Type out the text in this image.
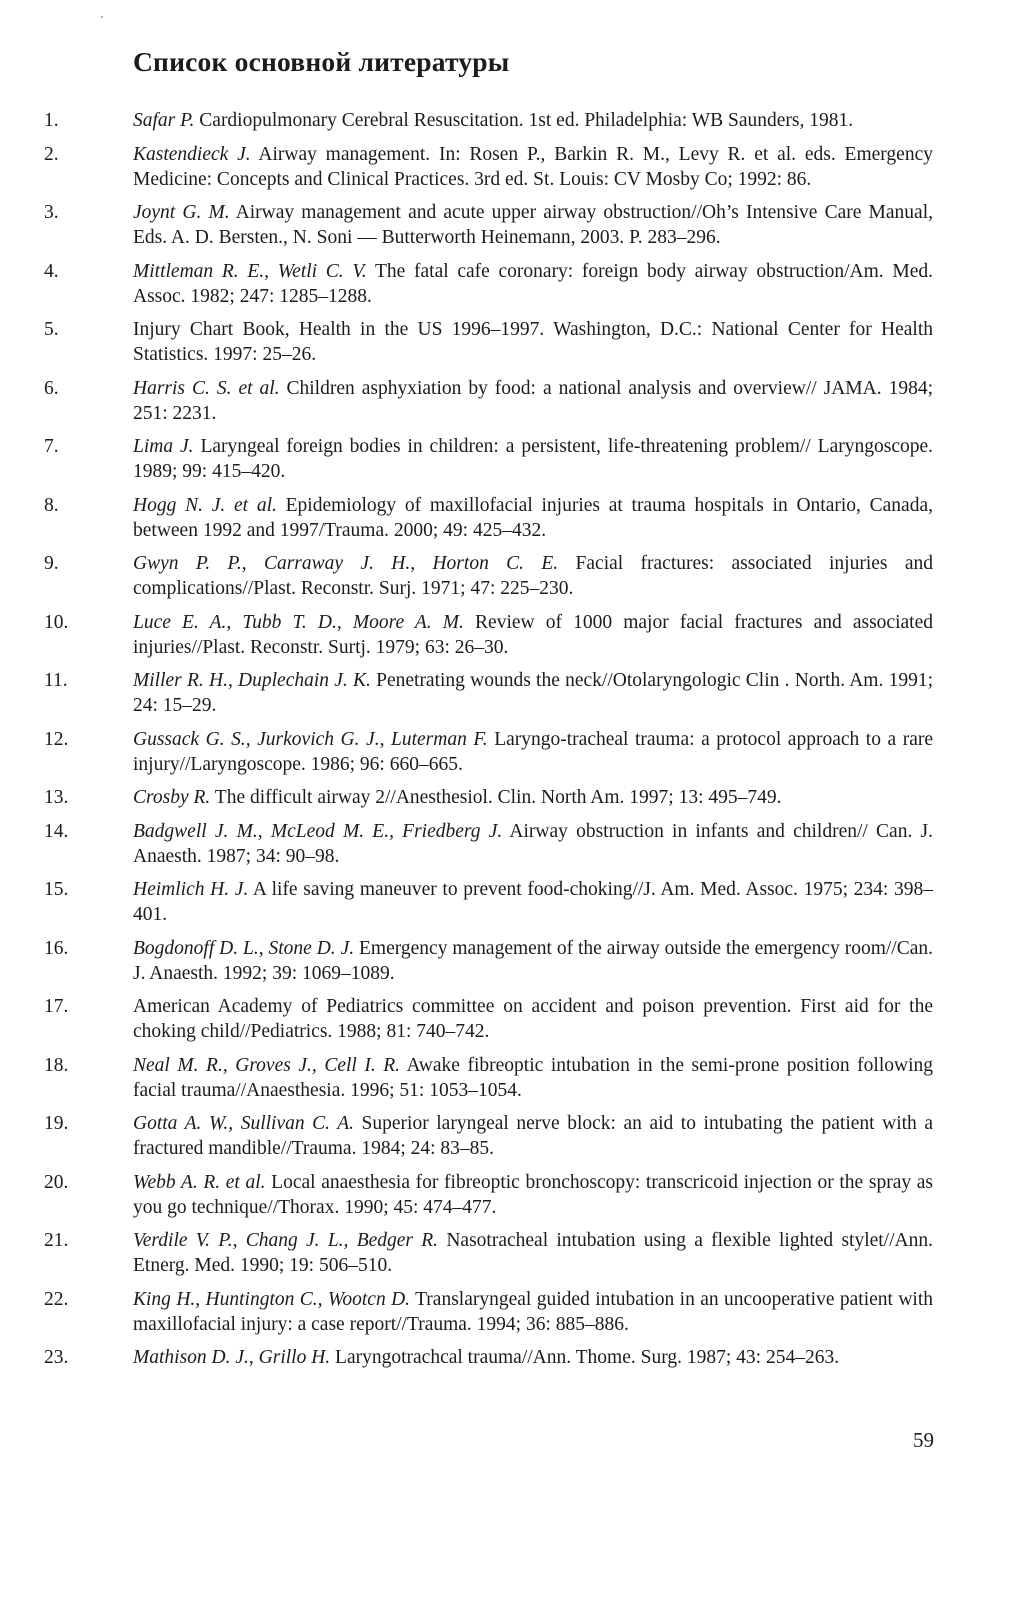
Список основной литературы
1.	Safar P. Cardiopulmonary Cerebral Resuscitation. 1st ed. Philadelphia: WB Saunders, 1981.
2.	Kastendieck J. Airway management. In: Rosen P., Barkin R. M., Levy R. et al. eds. Emergency Medicine: Concepts and Clinical Practices. 3rd ed. St. Louis: CV Mosby Co; 1992: 86.
3.	Joynt G. M. Airway management and acute upper airway obstruction//Oh’s Intensive Care Manual, Eds. A. D. Bersten., N. Soni — Butterworth Heinemann, 2003. P. 283–296.
4.	Mittleman R. E., Wetli C. V. The fatal cafe coronary: foreign body airway obstruction/Am. Med. Assoc. 1982; 247: 1285–1288.
5.	Injury Chart Book, Health in the US 1996–1997. Washington, D.C.: National Center for Health Statistics. 1997: 25–26.
6.	Harris C. S. et al. Children asphyxiation by food: a national analysis and overview// JAMA. 1984; 251: 2231.
7.	Lima J. Laryngeal foreign bodies in children: a persistent, life-threatening problem// Laryngoscope. 1989; 99: 415–420.
8.	Hogg N. J. et al. Epidemiology of maxillofacial injuries at trauma hospitals in Ontario, Canada, between 1992 and 1997/Trauma. 2000; 49: 425–432.
9.	Gwyn P. P., Carraway J. H., Horton C. E. Facial fractures: associated injuries and complications//Plast. Reconstr. Surj. 1971; 47: 225–230.
10.	Luce E. A., Tubb T. D., Moore A. M. Review of 1000 major facial fractures and associated injuries//Plast. Reconstr. Surtj. 1979; 63: 26–30.
11.	Miller R. H., Duplechain J. K. Penetrating wounds the neck//Otolaryngologic Clin . North. Am. 1991; 24: 15–29.
12.	Gussack G. S., Jurkovich G. J., Luterman F. Laryngo-tracheal trauma: a protocol approach to a rare injury//Laryngoscope. 1986; 96: 660–665.
13.	Crosby R. The difficult airway 2//Anesthesiol. Clin. North Am. 1997; 13: 495–749.
14.	Badgwell J. M., McLeod M. E., Friedberg J. Airway obstruction in infants and children// Can. J. Anaesth. 1987; 34: 90–98.
15.	Heimlich H. J. A life saving maneuver to prevent food-choking//J. Am. Med. Assoc. 1975; 234: 398–401.
16.	Bogdonoff D. L., Stone D. J. Emergency management of the airway outside the emergency room//Can. J. Anaesth. 1992; 39: 1069–1089.
17.	American Academy of Pediatrics committee on accident and poison prevention. First aid for the choking child//Pediatrics. 1988; 81: 740–742.
18.	Neal M. R., Groves J., Cell I. R. Awake fibreoptic intubation in the semi-prone position following facial trauma//Anaesthesia. 1996; 51: 1053–1054.
19.	Gotta A. W., Sullivan C. A. Superior laryngeal nerve block: an aid to intubating the patient with a fractured mandible//Trauma. 1984; 24: 83–85.
20.	Webb A. R. et al. Local anaesthesia for fibreoptic bronchoscopy: transcricoid injection or the spray as you go technique//Thorax. 1990; 45: 474–477.
21.	Verdile V. P., Chang J. L., Bedger R. Nasotracheal intubation using a flexible lighted stylet//Ann. Etnerg. Med. 1990; 19: 506–510.
22.	King H., Huntington C., Wootcn D. Translaryngeal guided intubation in an uncooperative patient with maxillofacial injury: a case report//Trauma. 1994; 36: 885–886.
23.	Mathison D. J., Grillo H. Laryngotrachcal trauma//Ann. Thome. Surg. 1987; 43: 254–263.
59
